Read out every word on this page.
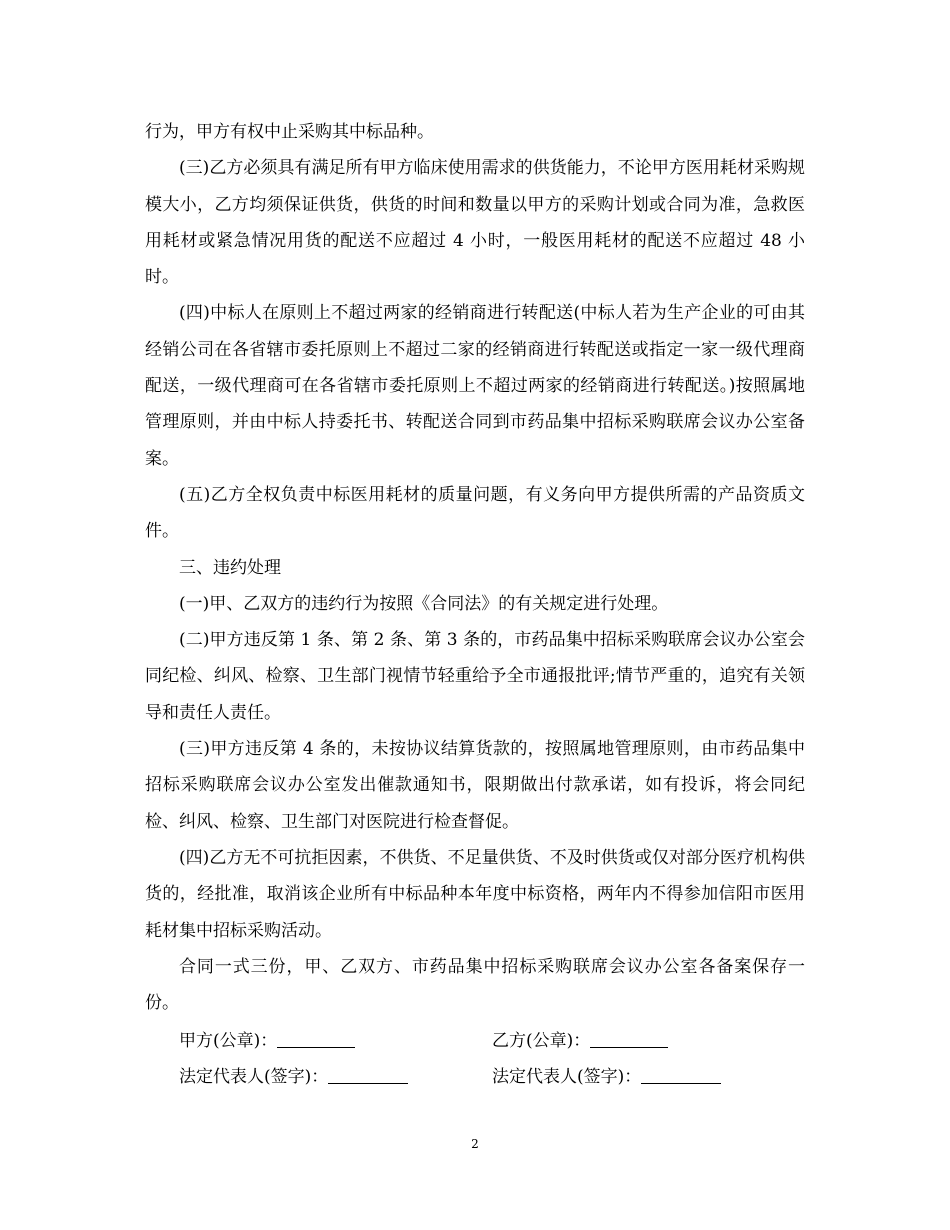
行为，甲方有权中止采购其中标品种。

(三)乙方必须具有满足所有甲方临床使用需求的供货能力，不论甲方医用耗材采购规模大小，乙方均须保证供货，供货的时间和数量以甲方的采购计划或合同为准，急救医用耗材或紧急情况用货的配送不应超过 4 小时，一般医用耗材的配送不应超过 48 小时。

(四)中标人在原则上不超过两家的经销商进行转配送(中标人若为生产企业的可由其经销公司在各省辖市委托原则上不超过二家的经销商进行转配送或指定一家一级代理商配送，一级代理商可在各省辖市委托原则上不超过两家的经销商进行转配送。)按照属地管理原则，并由中标人持委托书、转配送合同到市药品集中招标采购联席会议办公室备案。

(五)乙方全权负责中标医用耗材的质量问题，有义务向甲方提供所需的产品资质文件。

三、违约处理

(一)甲、乙双方的违约行为按照《合同法》的有关规定进行处理。

(二)甲方违反第 1 条、第 2 条、第 3 条的，市药品集中招标采购联席会议办公室会同纪检、纠风、检察、卫生部门视情节轻重给予全市通报批评;情节严重的，追究有关领导和责任人责任。

(三)甲方违反第 4 条的，未按协议结算货款的，按照属地管理原则，由市药品集中招标采购联席会议办公室发出催款通知书，限期做出付款承诺，如有投诉，将会同纪检、纠风、检察、卫生部门对医院进行检查督促。

(四)乙方无不可抗拒因素，不供货、不足量供货、不及时供货或仅对部分医疗机构供货的，经批准，取消该企业所有中标品种本年度中标资格，两年内不得参加信阳市医用耗材集中招标采购活动。

合同一式三份，甲、乙双方、市药品集中招标采购联席会议办公室各备案保存一份。

甲方(公章)：	乙方(公章)：
法定代表人(签字)：	法定代表人(签字)：
2
